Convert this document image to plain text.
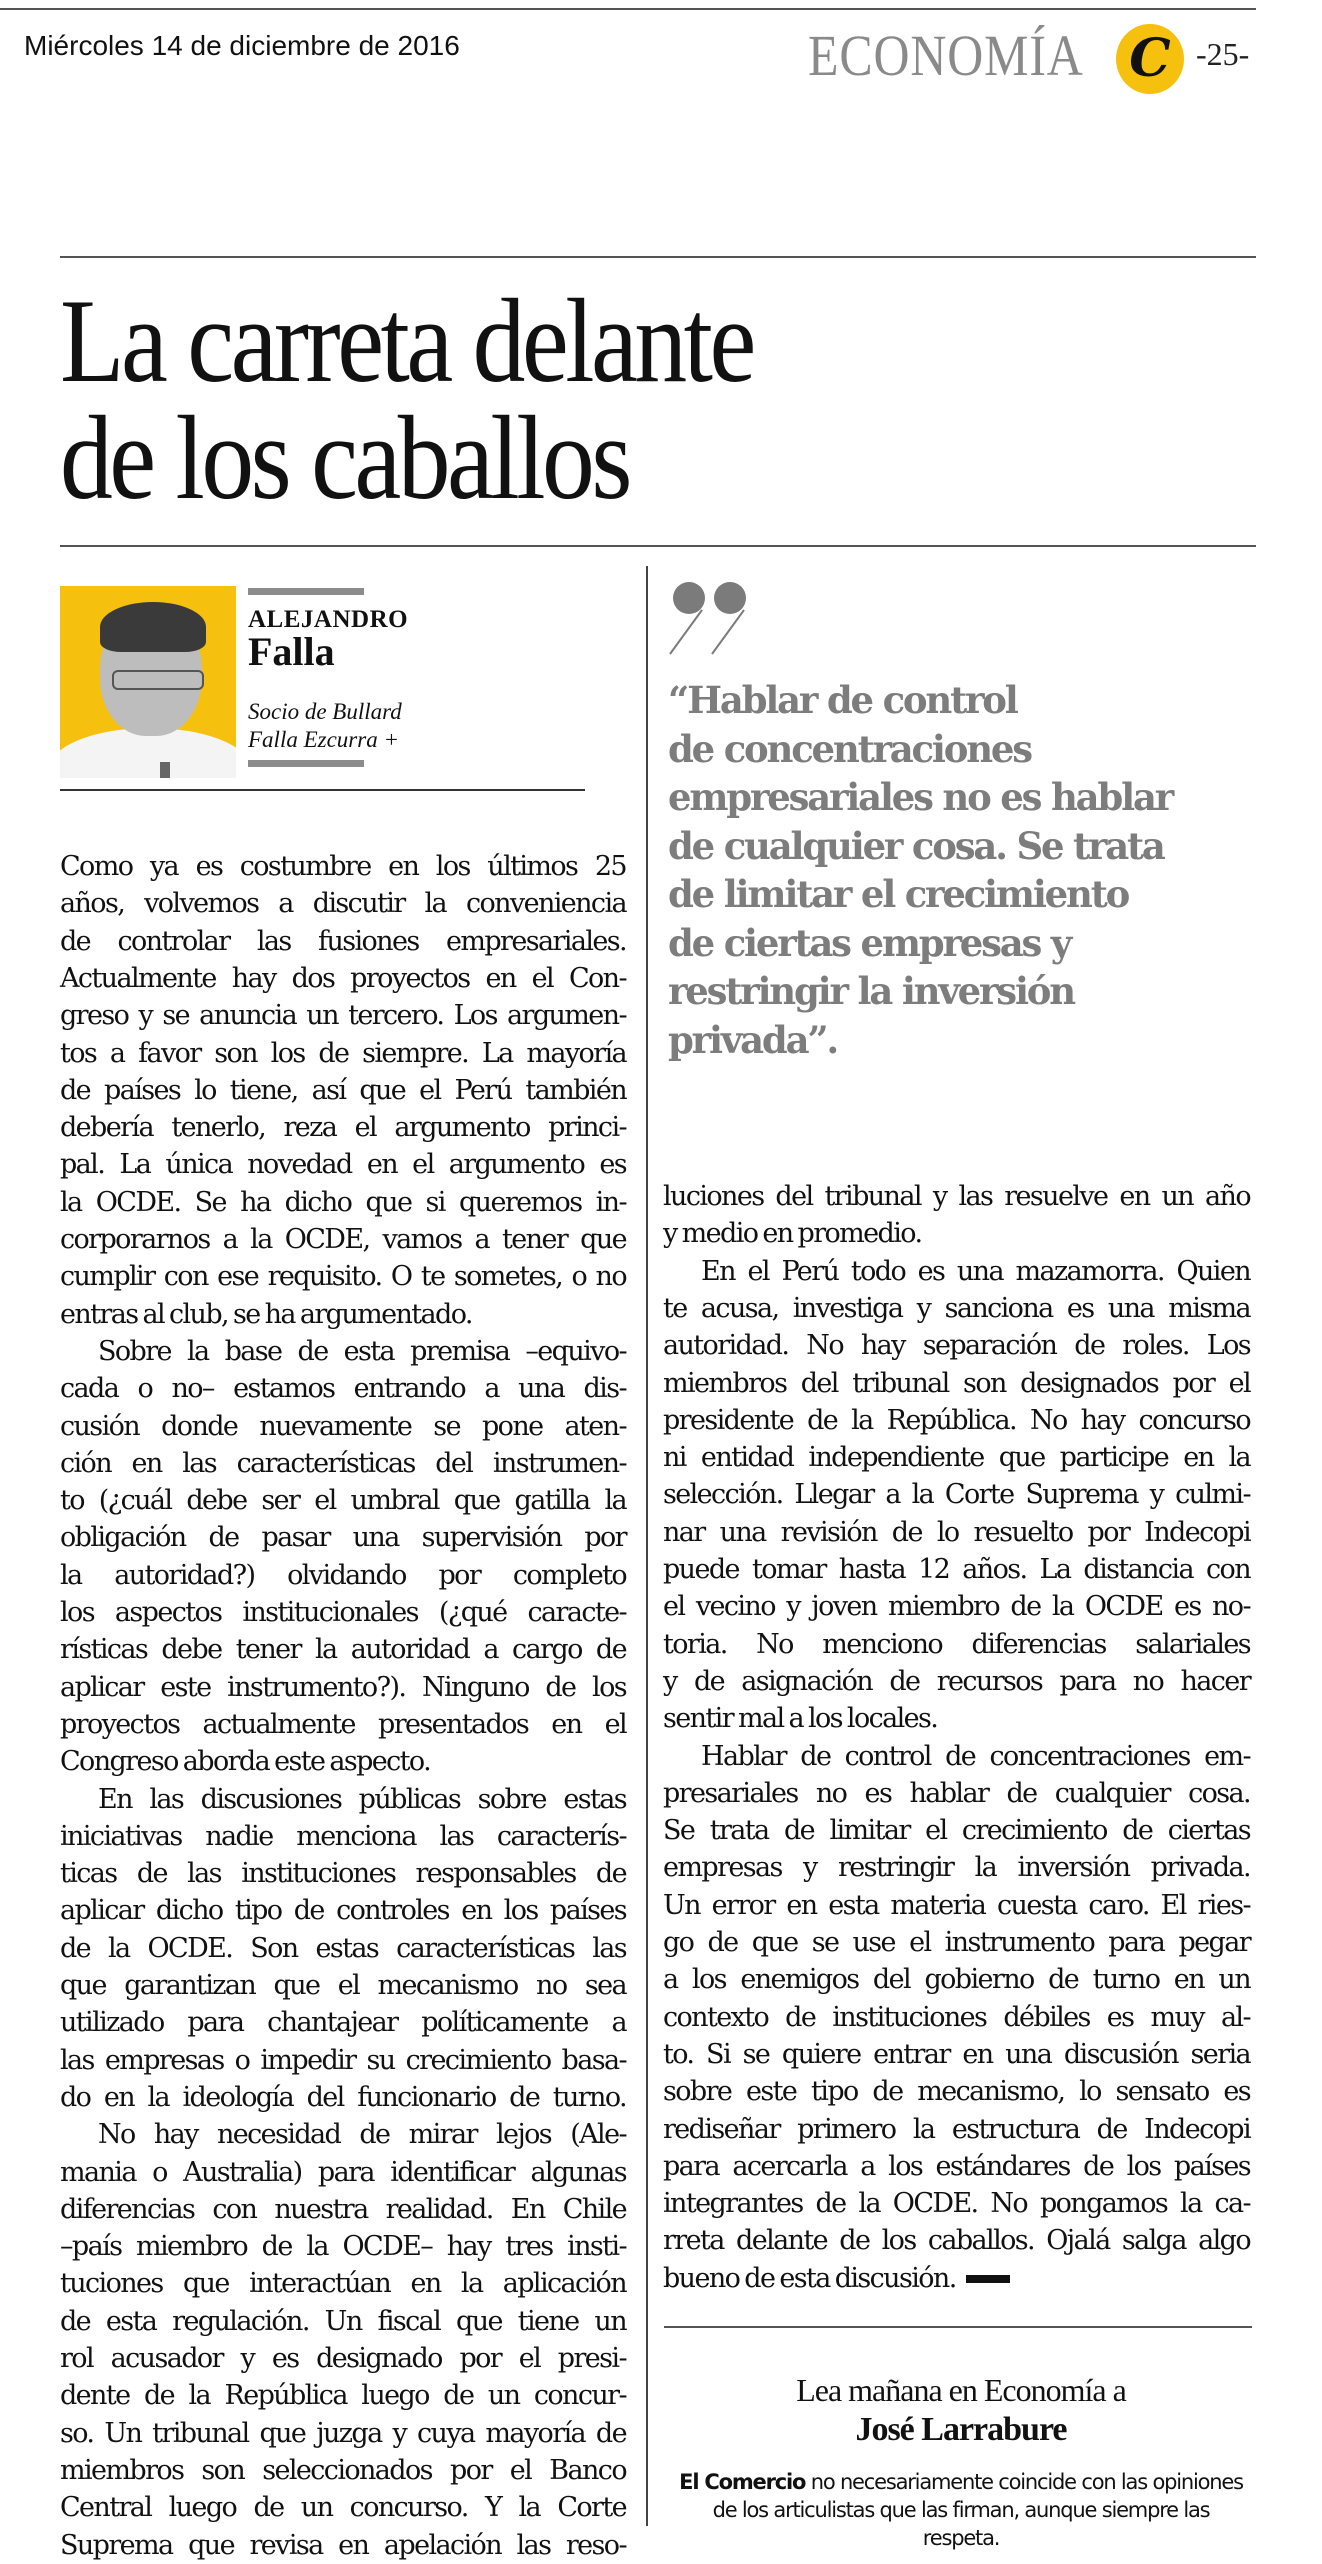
Miércoles 14 de diciembre de 2016	ECONOMÍA C -25-
La carreta delante
de los caballos
ALEJANDRO
Falla
Socio de Bullard
Falla Ezcurra +
“Hablar de control
de concentraciones
empresariales no es hablar
de cualquier cosa. Se trata
de limitar el crecimiento
de ciertas empresas y
restringir la inversión
privada”.
Como ya es costumbre en los últimos 25
años, volvemos a discutir la conveniencia
de controlar las fusiones empresariales.
Actualmente hay dos proyectos en el Con-
greso y se anuncia un tercero. Los argumen-
tos a favor son los de siempre. La mayoría
de países lo tiene, así que el Perú también
debería tenerlo, reza el argumento princi-
pal. La única novedad en el argumento es
la OCDE. Se ha dicho que si queremos in-
corporarnos a la OCDE, vamos a tener que
cumplir con ese requisito. O te sometes, o no
entras al club, se ha argumentado.
Sobre la base de esta premisa –equivo-
cada o no– estamos entrando a una dis-
cusión donde nuevamente se pone aten-
ción en las características del instrumen-
to (¿cuál debe ser el umbral que gatilla la
obligación de pasar una supervisión por
la autoridad?) olvidando por completo
los aspectos institucionales (¿qué caracte-
rísticas debe tener la autoridad a cargo de
aplicar este instrumento?). Ninguno de los
proyectos actualmente presentados en el
Congreso aborda este aspecto.
En las discusiones públicas sobre estas
iniciativas nadie menciona las caracterís-
ticas de las instituciones responsables de
aplicar dicho tipo de controles en los países
de la OCDE. Son estas características las
que garantizan que el mecanismo no sea
utilizado para chantajear políticamente a
las empresas o impedir su crecimiento basa-
do en la ideología del funcionario de turno.
No hay necesidad de mirar lejos (Ale-
mania o Australia) para identificar algunas
diferencias con nuestra realidad. En Chile
–país miembro de la OCDE– hay tres insti-
tuciones que interactúan en la aplicación
de esta regulación. Un fiscal que tiene un
rol acusador y es designado por el presi-
dente de la República luego de un concur-
so. Un tribunal que juzga y cuya mayoría de
miembros son seleccionados por el Banco
Central luego de un concurso. Y la Corte
Suprema que revisa en apelación las reso-
luciones del tribunal y las resuelve en un año
y medio en promedio.
En el Perú todo es una mazamorra. Quien
te acusa, investiga y sanciona es una misma
autoridad. No hay separación de roles. Los
miembros del tribunal son designados por el
presidente de la República. No hay concurso
ni entidad independiente que participe en la
selección. Llegar a la Corte Suprema y culmi-
nar una revisión de lo resuelto por Indecopi
puede tomar hasta 12 años. La distancia con
el vecino y joven miembro de la OCDE es no-
toria. No menciono diferencias salariales
y de asignación de recursos para no hacer
sentir mal a los locales.
Hablar de control de concentraciones em-
presariales no es hablar de cualquier cosa.
Se trata de limitar el crecimiento de ciertas
empresas y restringir la inversión privada.
Un error en esta materia cuesta caro. El ries-
go de que se use el instrumento para pegar
a los enemigos del gobierno de turno en un
contexto de instituciones débiles es muy al-
to. Si se quiere entrar en una discusión seria
sobre este tipo de mecanismo, lo sensato es
rediseñar primero la estructura de Indecopi
para acercarla a los estándares de los países
integrantes de la OCDE. No pongamos la ca-
rreta delante de los caballos. Ojalá salga algo
bueno de esta discusión.
Lea mañana en Economía a
José Larrabure
El Comercio no necesariamente coincide con las opiniones de los articulistas que las firman, aunque siempre las respeta.
